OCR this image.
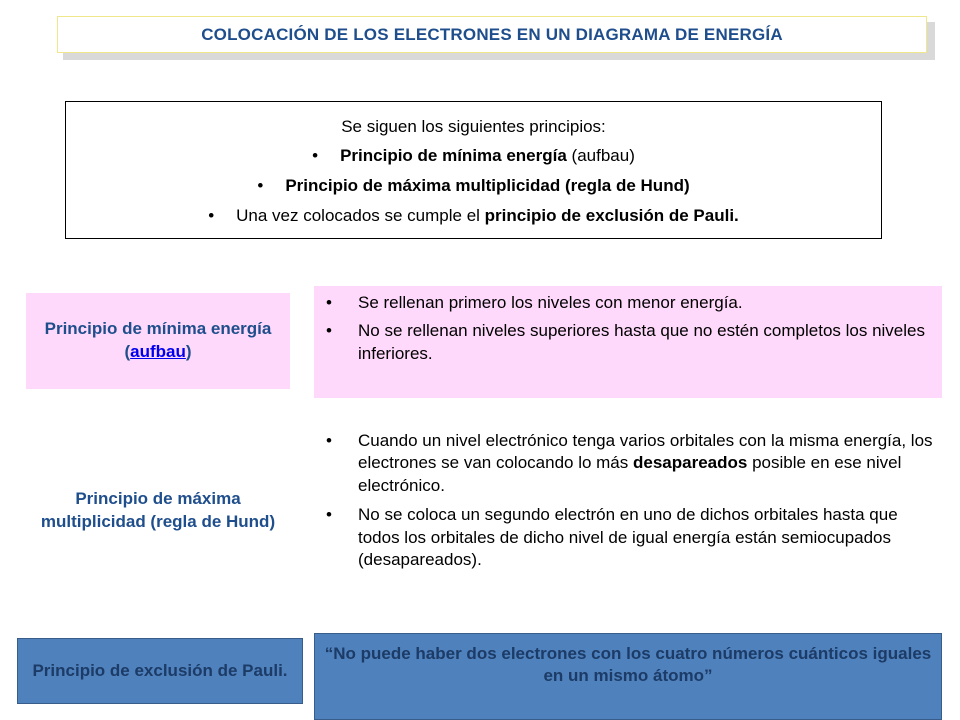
COLOCACIÓN DE LOS ELECTRONES EN UN DIAGRAMA DE ENERGÍA
Se siguen los siguientes principios:
• Principio de mínima energía (aufbau)
• Principio de máxima multiplicidad (regla de Hund)
• Una vez colocados se cumple el principio de exclusión de Pauli.
Principio de mínima energía (aufbau)
• Se rellenan primero los niveles con menor energía.
• No se rellenan niveles superiores hasta que no estén completos los niveles inferiores.
Principio de máxima multiplicidad (regla de Hund)
• Cuando un nivel electrónico tenga varios orbitales con la misma energía, los electrones se van colocando lo más desapareados posible en ese nivel electrónico.
• No se coloca un segundo electrón en uno de dichos orbitales hasta que todos los orbitales de dicho nivel de igual energía están semiocupados (desapareados).
Principio de exclusión de Pauli.
“No puede haber dos electrones con los cuatro números cuánticos iguales en un mismo átomo”
